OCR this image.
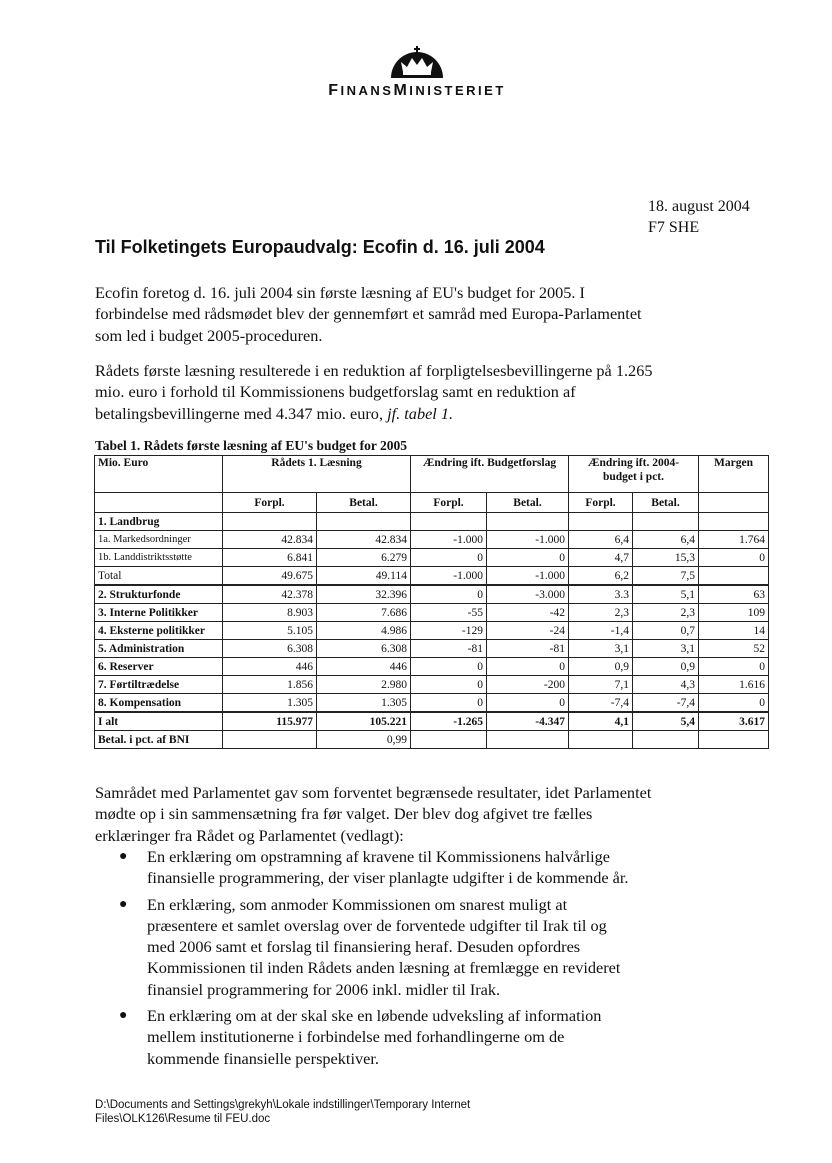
FINANSMINISTERIET
18. august 2004
F7 SHE
Til Folketingets Europaudvalg: Ecofin d. 16. juli 2004
Ecofin foretog d. 16. juli 2004 sin første læsning af EU's budget for 2005. I forbindelse med rådsmødet blev der gennemført et samråd med Europa-Parlamentet som led i budget 2005-proceduren.
Rådets første læsning resulterede i en reduktion af forpligtelsesbevillingerne på 1.265 mio. euro i forhold til Kommissionens budgetforslag samt en reduktion af betalingsbevillingerne med 4.347 mio. euro, jf. tabel 1.
Tabel 1. Rådets første læsning af EU's budget for 2005
Mio. Euro	Rådets 1. Læsning		Ændring ift. Budgetforslag		Ændring ift. 2004-budget i pct.		Margen
	Forpl.	Betal.	Forpl.	Betal.	Forpl.	Betal.	
1. Landbrug							
1a. Markedsordninger	42.834	42.834	-1.000	-1.000	6,4	6,4	1.764
1b. Landdistriktsstøtte	6.841	6.279	0	0	4,7	15,3	0
Total	49.675	49.114	-1.000	-1.000	6,2	7,5	
2. Strukturfonde	42.378	32.396	0	-3.000	3.3	5,1	63
3. Interne Politikker	8.903	7.686	-55	-42	2,3	2,3	109
4. Eksterne politikker	5.105	4.986	-129	-24	-1,4	0,7	14
5. Administration	6.308	6.308	-81	-81	3,1	3,1	52
6. Reserver	446	446	0	0	0,9	0,9	0
7. Førtiltrædelse	1.856	2.980	0	-200	7,1	4,3	1.616
8. Kompensation	1.305	1.305	0	0	-7,4	-7,4	0
I alt	115.977	105.221	-1.265	-4.347	4,1	5,4	3.617
Betal. i pct. af BNI		0,99					
Samrådet med Parlamentet gav som forventet begrænsede resultater, idet Parlamentet mødte op i sin sammensætning fra før valget. Der blev dog afgivet tre fælles erklæringer fra Rådet og Parlamentet (vedlagt):
● En erklæring om opstramning af kravene til Kommissionens halvårlige finansielle programmering, der viser planlagte udgifter i de kommende år.
● En erklæring, som anmoder Kommissionen om snarest muligt at præsentere et samlet overslag over de forventede udgifter til Irak til og med 2006 samt et forslag til finansiering heraf. Desuden opfordres Kommissionen til inden Rådets anden læsning at fremlægge en revideret finansiel programmering for 2006 inkl. midler til Irak.
● En erklæring om at der skal ske en løbende udveksling af information mellem institutionerne i forbindelse med forhandlingerne om de kommende finansielle perspektiver.
D:\Documents and Settings\grekyh\Lokale indstillinger\Temporary Internet
Files\OLK126\Resume til FEU.doc
